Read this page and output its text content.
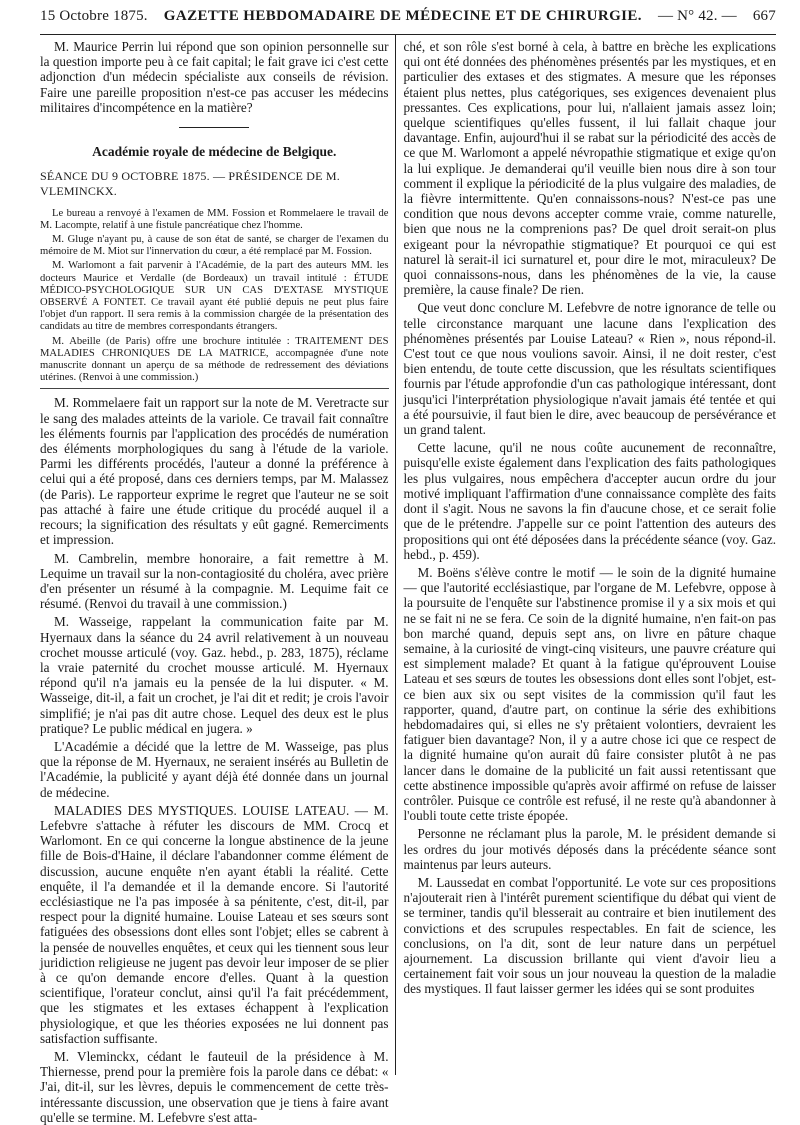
15 Octobre 1875. GAZETTE HEBDOMADAIRE DE MÉDECINE ET DE CHIRURGIE. — N° 42. — 667

M. Maurice Perrin lui répond que son opinion personnelle sur la question importe peu à ce fait capital; le fait grave ici c'est cette adjonction d'un médecin spécialiste aux conseils de révision. Faire une pareille proposition n'est-ce pas accuser les médecins militaires d'incompétence en la matière?

Académie royale de médecine de Belgique.
SÉANCE DU 9 OCTOBRE 1875. — PRÉSIDENCE DE M. VLEMINCKX.

Le bureau a renvoyé à l'examen de MM. Fossion et Rommelaere le travail de M. Lacompte, relatif à une fistule pancréatique chez l'homme.

M. Gluge n'ayant pu, à cause de son état de santé, se charger de l'examen du mémoire de M. Miot sur l'innervation du cœur, a été remplacé par M. Fossion.

M. Warlomont a fait parvenir à l'Académie, de la part des auteurs MM. les docteurs Maurice et Verdalle (de Bordeaux) un travail intitulé : ÉTUDE MÉDICO-PSYCHOLOGIQUE SUR UN CAS D'EXTASE MYSTIQUE OBSERVÉ A FONTET. Ce travail ayant été publié depuis ne peut plus faire l'objet d'un rapport. Il sera remis à la commission chargée de la présentation des candidats au titre de membres correspondants étrangers.

M. Abeille (de Paris) offre une brochure intitulée : TRAITEMENT DES MALADIES CHRONIQUES DE LA MATRICE, accompagnée d'une note manuscrite donnant un aperçu de sa méthode de redressement des déviations utérines. (Renvoi à une commission.)

M. Rommelaere fait un rapport sur la note de M. Veretracte sur le sang des malades atteints de la variole. Ce travail fait connaître les éléments fournis par l'application des procédés de numération des éléments morphologiques du sang à l'étude de la variole. Parmi les différents procédés, l'auteur a donné la préférence à celui qui a été proposé, dans ces derniers temps, par M. Malassez (de Paris). Le rapporteur exprime le regret que l'auteur ne se soit pas attaché à faire une étude critique du procédé auquel il a recours; la signification des résultats y eût gagné. Remerciments et impression.

M. Cambrelin, membre honoraire, a fait remettre à M. Lequime un travail sur la non-contagiosité du choléra, avec prière d'en présenter un résumé à la compagnie. M. Lequime fait ce résumé. (Renvoi du travail à une commission.)

M. Wasseige, rappelant la communication faite par M. Hyernaux dans la séance du 24 avril relativement à un nouveau crochet mousse articulé (voy. Gaz. hebd., p. 283, 1875), réclame la vraie paternité du crochet mousse articulé. M. Hyernaux répond qu'il n'a jamais eu la pensée de la lui disputer. « M. Wasseige, dit-il, a fait un crochet, je l'ai dit et redit; je crois l'avoir simplifié; je n'ai pas dit autre chose. Lequel des deux est le plus pratique? Le public médical en jugera. »

L'Académie a décidé que la lettre de M. Wasseige, pas plus que la réponse de M. Hyernaux, ne seraient insérés au Bulletin de l'Académie, la publicité y ayant déjà été donnée dans un journal de médecine.

MALADIES DES MYSTIQUES. LOUISE LATEAU. — M. Lefebvre s'attache à réfuter les discours de MM. Crocq et Warlomont. En ce qui concerne la longue abstinence de la jeune fille de Bois-d'Haine, il déclare l'abandonner comme élément de discussion, aucune enquête n'en ayant établi la réalité. Cette enquête, il l'a demandée et il la demande encore. Si l'autorité ecclésiastique ne l'a pas imposée à sa pénitente, c'est, dit-il, par respect pour la dignité humaine. Louise Lateau et ses sœurs sont fatiguées des obsessions dont elles sont l'objet; elles se cabrent à la pensée de nouvelles enquêtes, et ceux qui les tiennent sous leur juridiction religieuse ne jugent pas devoir leur imposer de se plier à ce qu'on demande encore d'elles. Quant à la question scientifique, l'orateur conclut, ainsi qu'il l'a fait précédemment, que les stigmates et les extases échappent à l'explication physiologique, et que les théories exposées ne lui donnent pas satisfaction suffisante.

M. Vleminckx, cédant le fauteuil de la présidence à M. Thiernesse, prend pour la première fois la parole dans ce débat: « J'ai, dit-il, sur les lèvres, depuis le commencement de cette très-intéressante discussion, une observation que je tiens à faire avant qu'elle se termine. M. Lefebvre s'est atta-

ché, et son rôle s'est borné à cela, à battre en brèche les explications qui ont été données des phénomènes présentés par les mystiques, et en particulier des extases et des stigmates. A mesure que les réponses étaient plus nettes, plus catégoriques, ses exigences devenaient plus pressantes. Ces explications, pour lui, n'allaient jamais assez loin; quelque scientifiques qu'elles fussent, il lui fallait chaque jour davantage. Enfin, aujourd'hui il se rabat sur la périodicité des accès de ce que M. Warlomont a appelé névropathie stigmatique et exige qu'on la lui explique. Je demanderai qu'il veuille bien nous dire à son tour comment il explique la périodicité de la plus vulgaire des maladies, de la fièvre intermittente. Qu'en connaissons-nous? N'est-ce pas une condition que nous devons accepter comme vraie, comme naturelle, bien que nous ne la comprenions pas? De quel droit serait-on plus exigeant pour la névropathie stigmatique? Et pourquoi ce qui est naturel là serait-il ici surnaturel et, pour dire le mot, miraculeux? De quoi connaissons-nous, dans les phénomènes de la vie, la cause première, la cause finale? De rien.

Que veut donc conclure M. Lefebvre de notre ignorance de telle ou telle circonstance marquant une lacune dans l'explication des phénomènes présentés par Louise Lateau? « Rien », nous répond-il. C'est tout ce que nous voulions savoir. Ainsi, il ne doit rester, c'est bien entendu, de toute cette discussion, que les résultats scientifiques fournis par l'étude approfondie d'un cas pathologique intéressant, dont jusqu'ici l'interprétation physiologique n'avait jamais été tentée et qui a été poursuivie, il faut bien le dire, avec beaucoup de persévérance et un grand talent.

Cette lacune, qu'il ne nous coûte aucunement de reconnaître, puisqu'elle existe également dans l'explication des faits pathologiques les plus vulgaires, nous empêchera d'accepter aucun ordre du jour motivé impliquant l'affirmation d'une connaissance complète des faits dont il s'agit. Nous ne savons la fin d'aucune chose, et ce serait folie que de le prétendre. J'appelle sur ce point l'attention des auteurs des propositions qui ont été déposées dans la précédente séance (voy. Gaz. hebd., p. 459).

M. Boëns s'élève contre le motif — le soin de la dignité humaine — que l'autorité ecclésiastique, par l'organe de M. Lefebvre, oppose à la poursuite de l'enquête sur l'abstinence promise il y a six mois et qui ne se fait ni ne se fera. Ce soin de la dignité humaine, n'en fait-on pas bon marché quand, depuis sept ans, on livre en pâture chaque semaine, à la curiosité de vingt-cinq visiteurs, une pauvre créature qui est simplement malade? Et quant à la fatigue qu'éprouvent Louise Lateau et ses sœurs de toutes les obsessions dont elles sont l'objet, est-ce bien aux six ou sept visites de la commission qu'il faut les rapporter, quand, d'autre part, on continue la série des exhibitions hebdomadaires qui, si elles ne s'y prêtaient volontiers, devraient les fatiguer bien davantage? Non, il y a autre chose ici que ce respect de la dignité humaine qu'on aurait dû faire consister plutôt à ne pas lancer dans le domaine de la publicité un fait aussi retentissant que cette abstinence impossible qu'après avoir affirmé on refuse de laisser contrôler. Puisque ce contrôle est refusé, il ne reste qu'à abandonner à l'oubli toute cette triste épopée.

Personne ne réclamant plus la parole, M. le président demande si les ordres du jour motivés déposés dans la précédente séance sont maintenus par leurs auteurs.

M. Laussedat en combat l'opportunité. Le vote sur ces propositions n'ajouterait rien à l'intérêt purement scientifique du débat qui vient de se terminer, tandis qu'il blesserait au contraire et bien inutilement des convictions et des scrupules respectables. En fait de science, les conclusions, on l'a dit, sont de leur nature dans un perpétuel ajournement. La discussion brillante qui vient d'avoir lieu a certainement fait voir sous un jour nouveau la question de la maladie des mystiques. Il faut laisser germer les idées qui se sont produites
